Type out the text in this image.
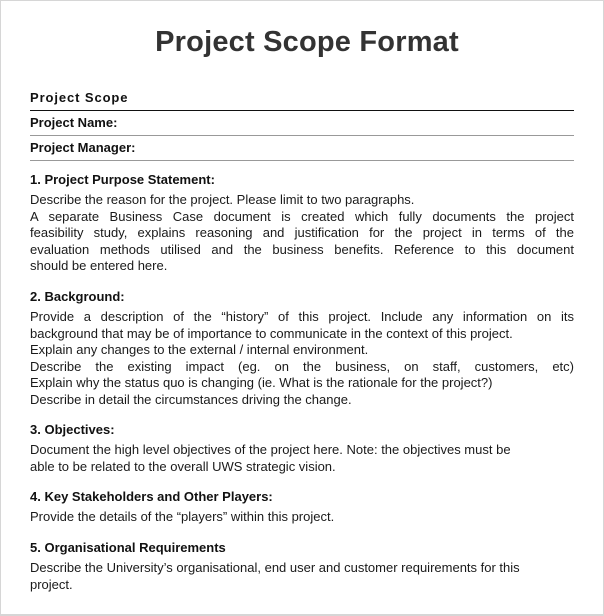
Project Scope Format
Project Scope
Project Name:
Project Manager:
1. Project Purpose Statement:

Describe the reason for the project. Please limit to two paragraphs.

A separate Business Case document is created which fully documents the project

feasibility study, explains reasoning and justification for the project in terms of the

evaluation methods utilised and the business benefits. Reference to this document

should be entered here.

2. Background:

Provide a description of the “history” of this project. Include any information on its

background that may be of importance to communicate in the context of this project.

Explain any changes to the external / internal environment.

Describe the existing impact (eg. on the business, on staff, customers, etc)

Explain why the status quo is changing (ie. What is the rationale for the project?)

Describe in detail the circumstances driving the change.

3. Objectives:

Document the high level objectives of the project here. Note: the objectives must be

able to be related to the overall UWS strategic vision.

4. Key Stakeholders and Other Players:

Provide the details of the “players” within this project.

5. Organisational Requirements

Describe the University’s organisational, end user and customer requirements for this

project.
